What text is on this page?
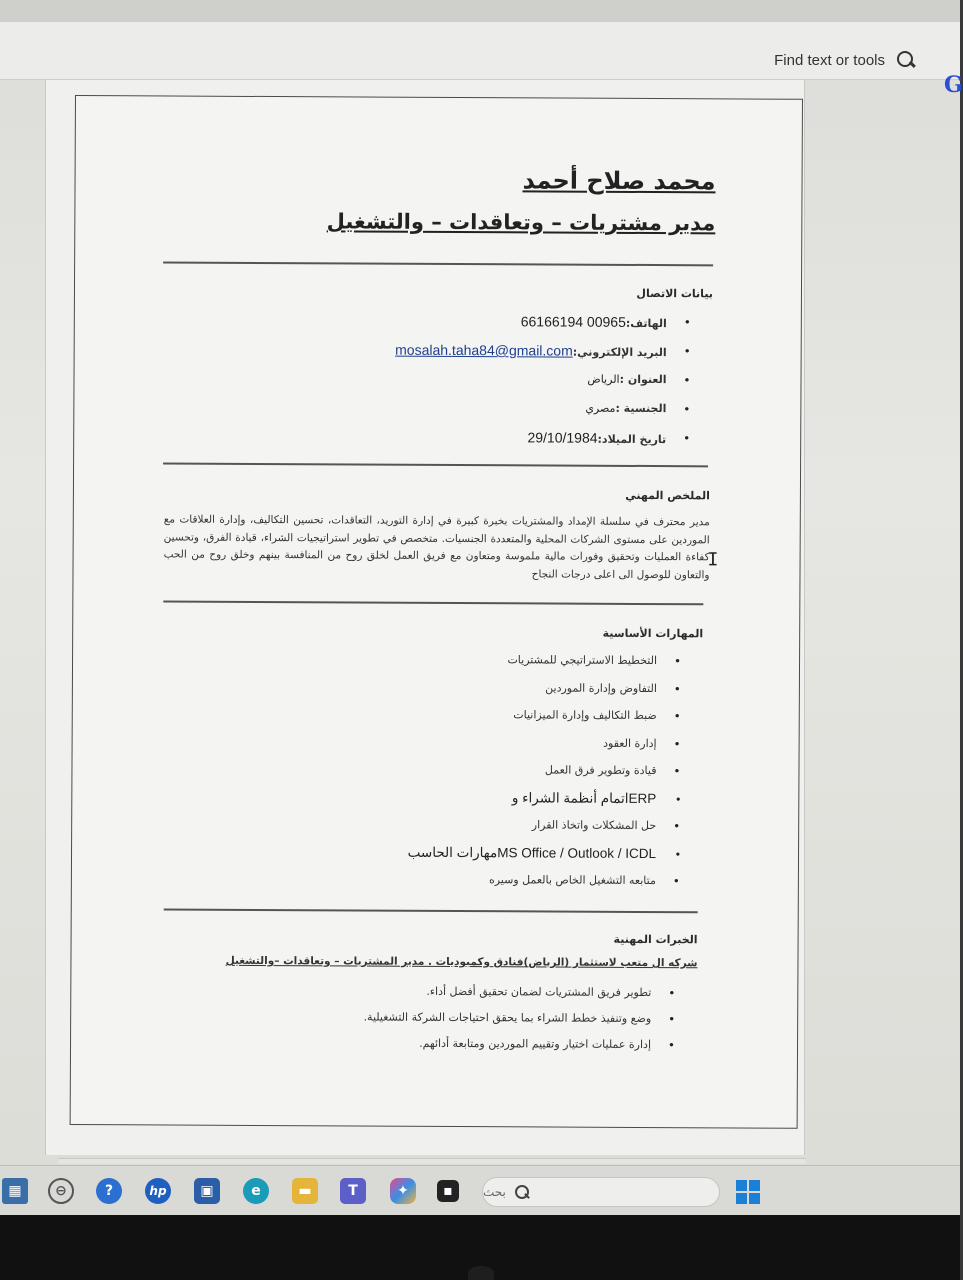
Find text or tools
G
محمد صلاح أحمد
مدير مشتريات – وتعاقدات – والتشغيل
بيانات الاتصال
• الهاتف:00965 66166194
• البريد الإلكتروني:mosalah.taha84@gmail.com
• العنوان :الرياض
• الجنسية :مصري
• تاريخ الميلاد:29/10/1984
I
الملخص المهني
مدير محترف في سلسلة الإمداد والمشتريات بخبرة كبيرة في إدارة التوريد، التعاقدات، تحسين التكاليف، وإدارة العلاقات مع الموردين على مستوى الشركات المحلية والمتعددة الجنسيات. متخصص في تطوير استراتيجيات الشراء، قيادة الفرق، وتحسين كفاءة العمليات وتحقيق وفورات مالية ملموسة ومتعاون مع فريق العمل لخلق روح من المنافسة بينهم وخلق روح من الحب والتعاون للوصول الى اعلى درجات النجاح
المهارات الأساسية
• التخطيط الاستراتيجي للمشتريات
• التفاوض وإدارة الموردين
• ضبط التكاليف وإدارة الميزانيات
• إدارة العقود
• قيادة وتطوير فرق العمل
• ERPاتمام أنظمة الشراء و
• حل المشكلات واتخاذ القرار
• MS Office / Outlook / ICDLمهارات الحاسب
• متابعه التشغيل الخاص بالعمل وسيره
الخبرات المهنية
شركه ال متعب لاستثمار (الرياض)فنادق وكمبوديات . مدير المشتريات – وتعاقدات –والتشغيل
• تطوير فريق المشتريات لضمان تحقيق أفضل أداء.
• وضع وتنفيذ خطط الشراء بما يحقق احتياجات الشركة التشغيلية.
• إدارة عمليات اختيار وتقييم الموردين ومتابعة أدائهم.
▦	⊖	?	hp	▣	e	▬	T	✦	▪	بحث
